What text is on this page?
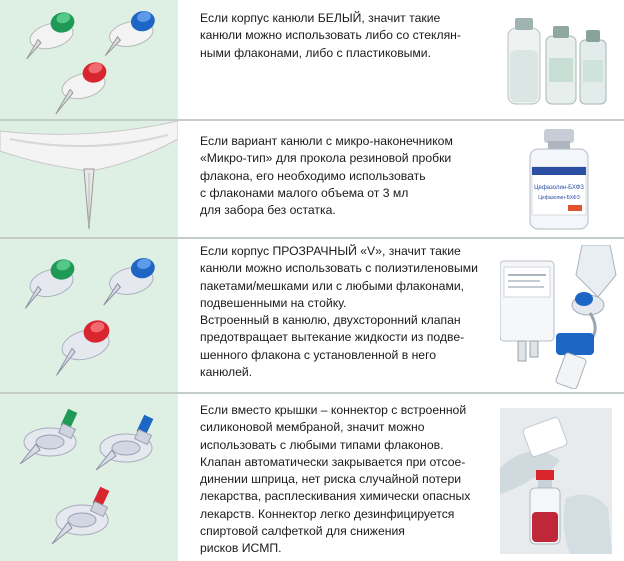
Если корпус канюли БЕЛЫЙ, значит такие

канюли можно использовать либо со стеклян-

ными флаконами, либо с пластиковыми.

Если вариант канюли с микро-наконечником

«Микро-тип» для прокола резиновой пробки

флакона, его необходимо использовать

с флаконами малого объема от 3 мл

для забора без остатка.

Цефазолин-БХФЗ
Цефазолин-БХФЗ

Если корпус ПРОЗРАЧНЫЙ «V», значит такие

канюли можно использовать с полиэтиленовыми

пакетами/мешками или с любыми флаконами,

подвешенными на стойку.

Встроенный в канюлю, двухсторонний клапан

предотвращает вытекание жидкости из подве-

шенного флакона с установленной в него

канюлей.

Если вместо крышки – коннектор с встроенной

силиконовой мембраной, значит можно

использовать с любыми типами флаконов.

Клапан автоматически закрывается при отсое-

динении шприца, нет риска случайной потери

лекарства, расплескивания химически опасных

лекарств. Коннектор легко дезинфицируется

спиртовой салфеткой для снижения

рисков ИСМП.
